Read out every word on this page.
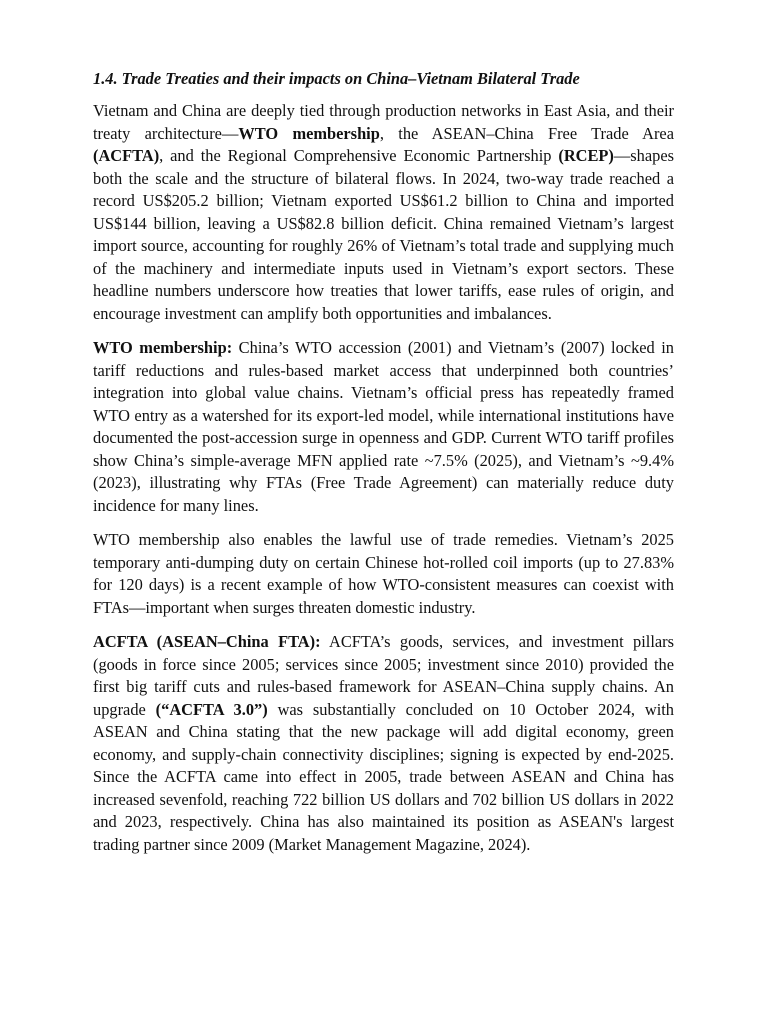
1.4. Trade Treaties and their impacts on China–Vietnam Bilateral Trade

Vietnam and China are deeply tied through production networks in East Asia, and their treaty architecture—WTO membership, the ASEAN–China Free Trade Area (ACFTA), and the Regional Comprehensive Economic Partnership (RCEP)—shapes both the scale and the structure of bilateral flows. In 2024, two-way trade reached a record US$205.2 billion; Vietnam exported US$61.2 billion to China and imported US$144 billion, leaving a US$82.8 billion deficit. China remained Vietnam’s largest import source, accounting for roughly 26% of Vietnam’s total trade and supplying much of the machinery and intermediate inputs used in Vietnam’s export sectors. These headline numbers underscore how treaties that lower tariffs, ease rules of origin, and encourage investment can amplify both opportunities and imbalances.

WTO membership: China’s WTO accession (2001) and Vietnam’s (2007) locked in tariff reductions and rules-based market access that underpinned both countries’ integration into global value chains. Vietnam’s official press has repeatedly framed WTO entry as a watershed for its export-led model, while international institutions have documented the post-accession surge in openness and GDP. Current WTO tariff profiles show China’s simple-average MFN applied rate ~7.5% (2025), and Vietnam’s ~9.4% (2023), illustrating why FTAs (Free Trade Agreement) can materially reduce duty incidence for many lines.

WTO membership also enables the lawful use of trade remedies. Vietnam’s 2025 temporary anti-dumping duty on certain Chinese hot-rolled coil imports (up to 27.83% for 120 days) is a recent example of how WTO-consistent measures can coexist with FTAs—important when surges threaten domestic industry.

ACFTA (ASEAN–China FTA): ACFTA’s goods, services, and investment pillars (goods in force since 2005; services since 2005; investment since 2010) provided the first big tariff cuts and rules-based framework for ASEAN–China supply chains. An upgrade (“ACFTA 3.0”) was substantially concluded on 10 October 2024, with ASEAN and China stating that the new package will add digital economy, green economy, and supply-chain connectivity disciplines; signing is expected by end-2025. Since the ACFTA came into effect in 2005, trade between ASEAN and China has increased sevenfold, reaching 722 billion US dollars and 702 billion US dollars in 2022 and 2023, respectively. China has also maintained its position as ASEAN's largest trading partner since 2009 (Market Management Magazine, 2024).
